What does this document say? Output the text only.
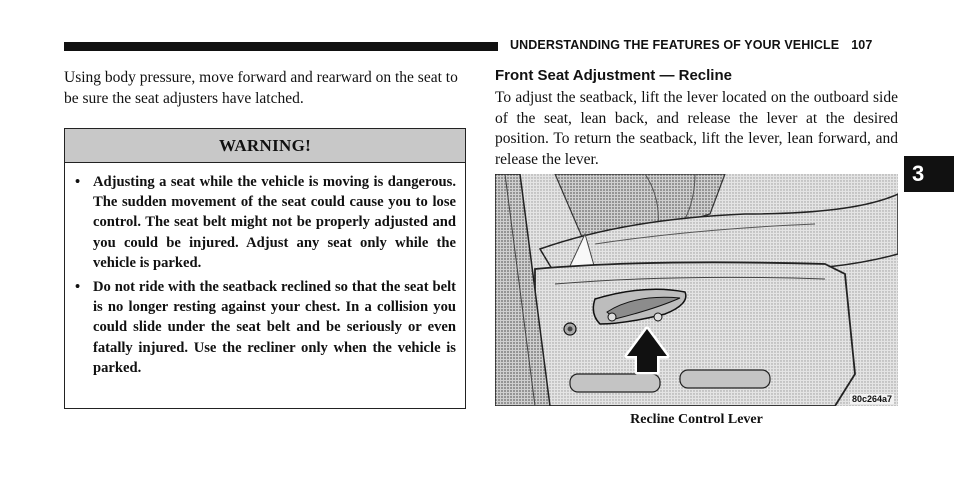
UNDERSTANDING THE FEATURES OF YOUR VEHICLE 107

Using body pressure, move forward and rearward on the seat to be sure the seat adjusters have latched.

WARNING!
• Adjusting a seat while the vehicle is moving is dangerous. The sudden movement of the seat could cause you to lose control. The seat belt might not be properly adjusted and you could be injured. Adjust any seat only while the vehicle is parked.
• Do not ride with the seatback reclined so that the seat belt is no longer resting against your chest. In a collision you could slide under the seat belt and be seriously or even fatally injured. Use the recliner only when the vehicle is parked.
Front Seat Adjustment — Recline

To adjust the seatback, lift the lever located on the outboard side of the seat, lean back, and release the lever at the desired position. To return the seatback, lift the lever, lean forward, and release the lever.

3
80c264a7
Recline Control Lever
